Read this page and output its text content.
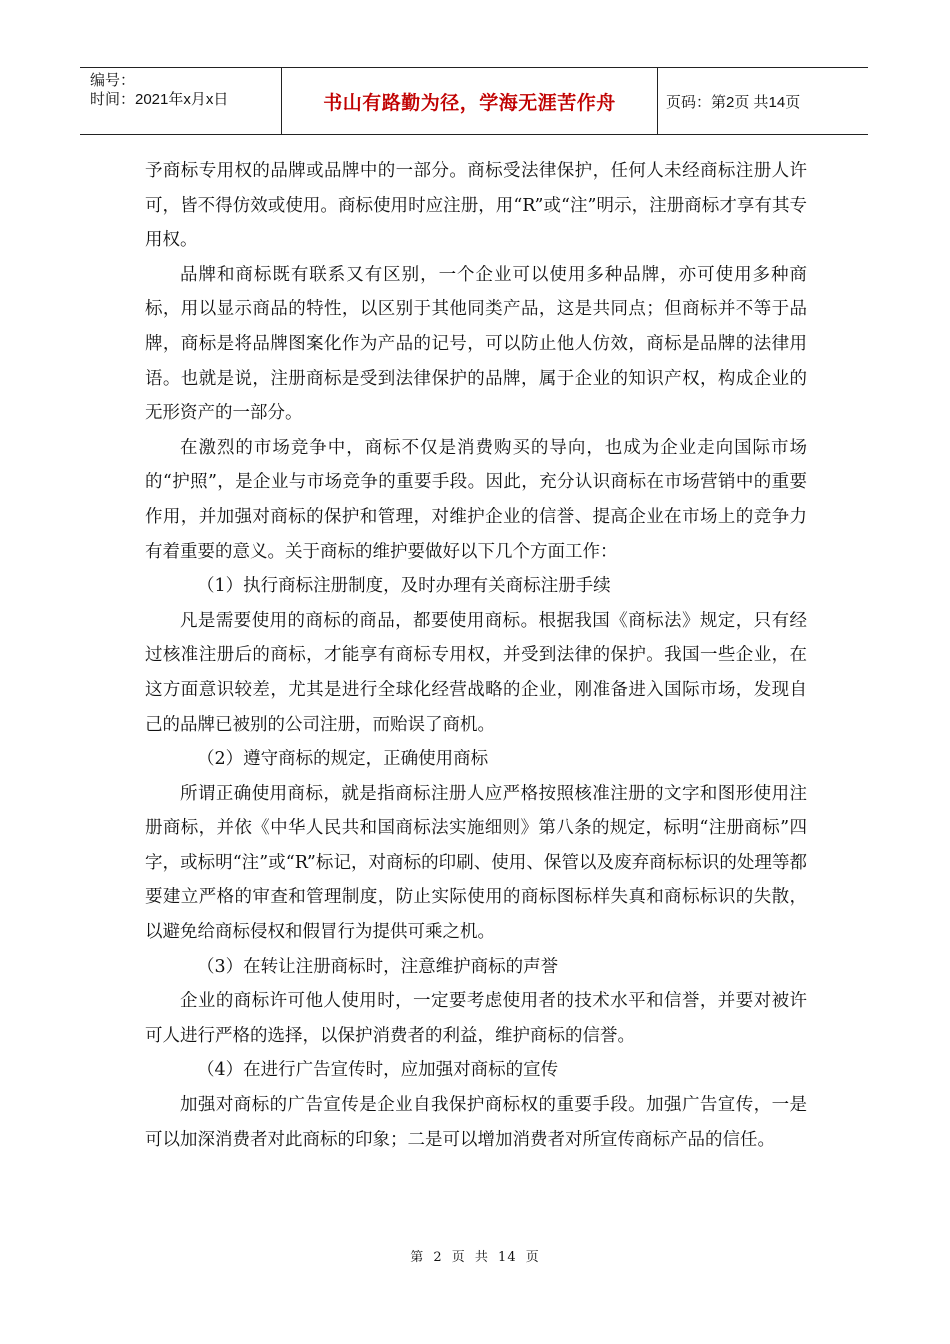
编号：
时间：2021年x月x日	书山有路勤为径，学海无涯苦作舟	页码：第2页 共14页

予商标专用权的品牌或品牌中的一部分。商标受法律保护，任何人未经商标注册人许可，皆不得仿效或使用。商标使用时应注册，用“R”或“注”明示，注册商标才享有其专用权。

品牌和商标既有联系又有区别，一个企业可以使用多种品牌，亦可使用多种商标，用以显示商品的特性，以区别于其他同类产品，这是共同点；但商标并不等于品牌，商标是将品牌图案化作为产品的记号，可以防止他人仿效，商标是品牌的法律用语。也就是说，注册商标是受到法律保护的品牌，属于企业的知识产权，构成企业的无形资产的一部分。

在激烈的市场竞争中，商标不仅是消费购买的导向，也成为企业走向国际市场的“护照”，是企业与市场竞争的重要手段。因此，充分认识商标在市场营销中的重要作用，并加强对商标的保护和管理，对维护企业的信誉、提高企业在市场上的竞争力有着重要的意义。关于商标的维护要做好以下几个方面工作：

（1）执行商标注册制度，及时办理有关商标注册手续

凡是需要使用的商标的商品，都要使用商标。根据我国《商标法》规定，只有经过核准注册后的商标，才能享有商标专用权，并受到法律的保护。我国一些企业，在这方面意识较差，尤其是进行全球化经营战略的企业，刚准备进入国际市场，发现自己的品牌已被别的公司注册，而贻误了商机。

（2）遵守商标的规定，正确使用商标

所谓正确使用商标，就是指商标注册人应严格按照核准注册的文字和图形使用注册商标，并依《中华人民共和国商标法实施细则》第八条的规定，标明“注册商标”四字，或标明“注”或“R”标记，对商标的印刷、使用、保管以及废弃商标标识的处理等都要建立严格的审查和管理制度，防止实际使用的商标图标样失真和商标标识的失散，以避免给商标侵权和假冒行为提供可乘之机。

（3）在转让注册商标时，注意维护商标的声誉

企业的商标许可他人使用时，一定要考虑使用者的技术水平和信誉，并要对被许可人进行严格的选择，以保护消费者的利益，维护商标的信誉。

（4）在进行广告宣传时，应加强对商标的宣传

加强对商标的广告宣传是企业自我保护商标权的重要手段。加强广告宣传，一是可以加深消费者对此商标的印象；二是可以增加消费者对所宣传商标产品的信任。

第 2 页 共 14 页
